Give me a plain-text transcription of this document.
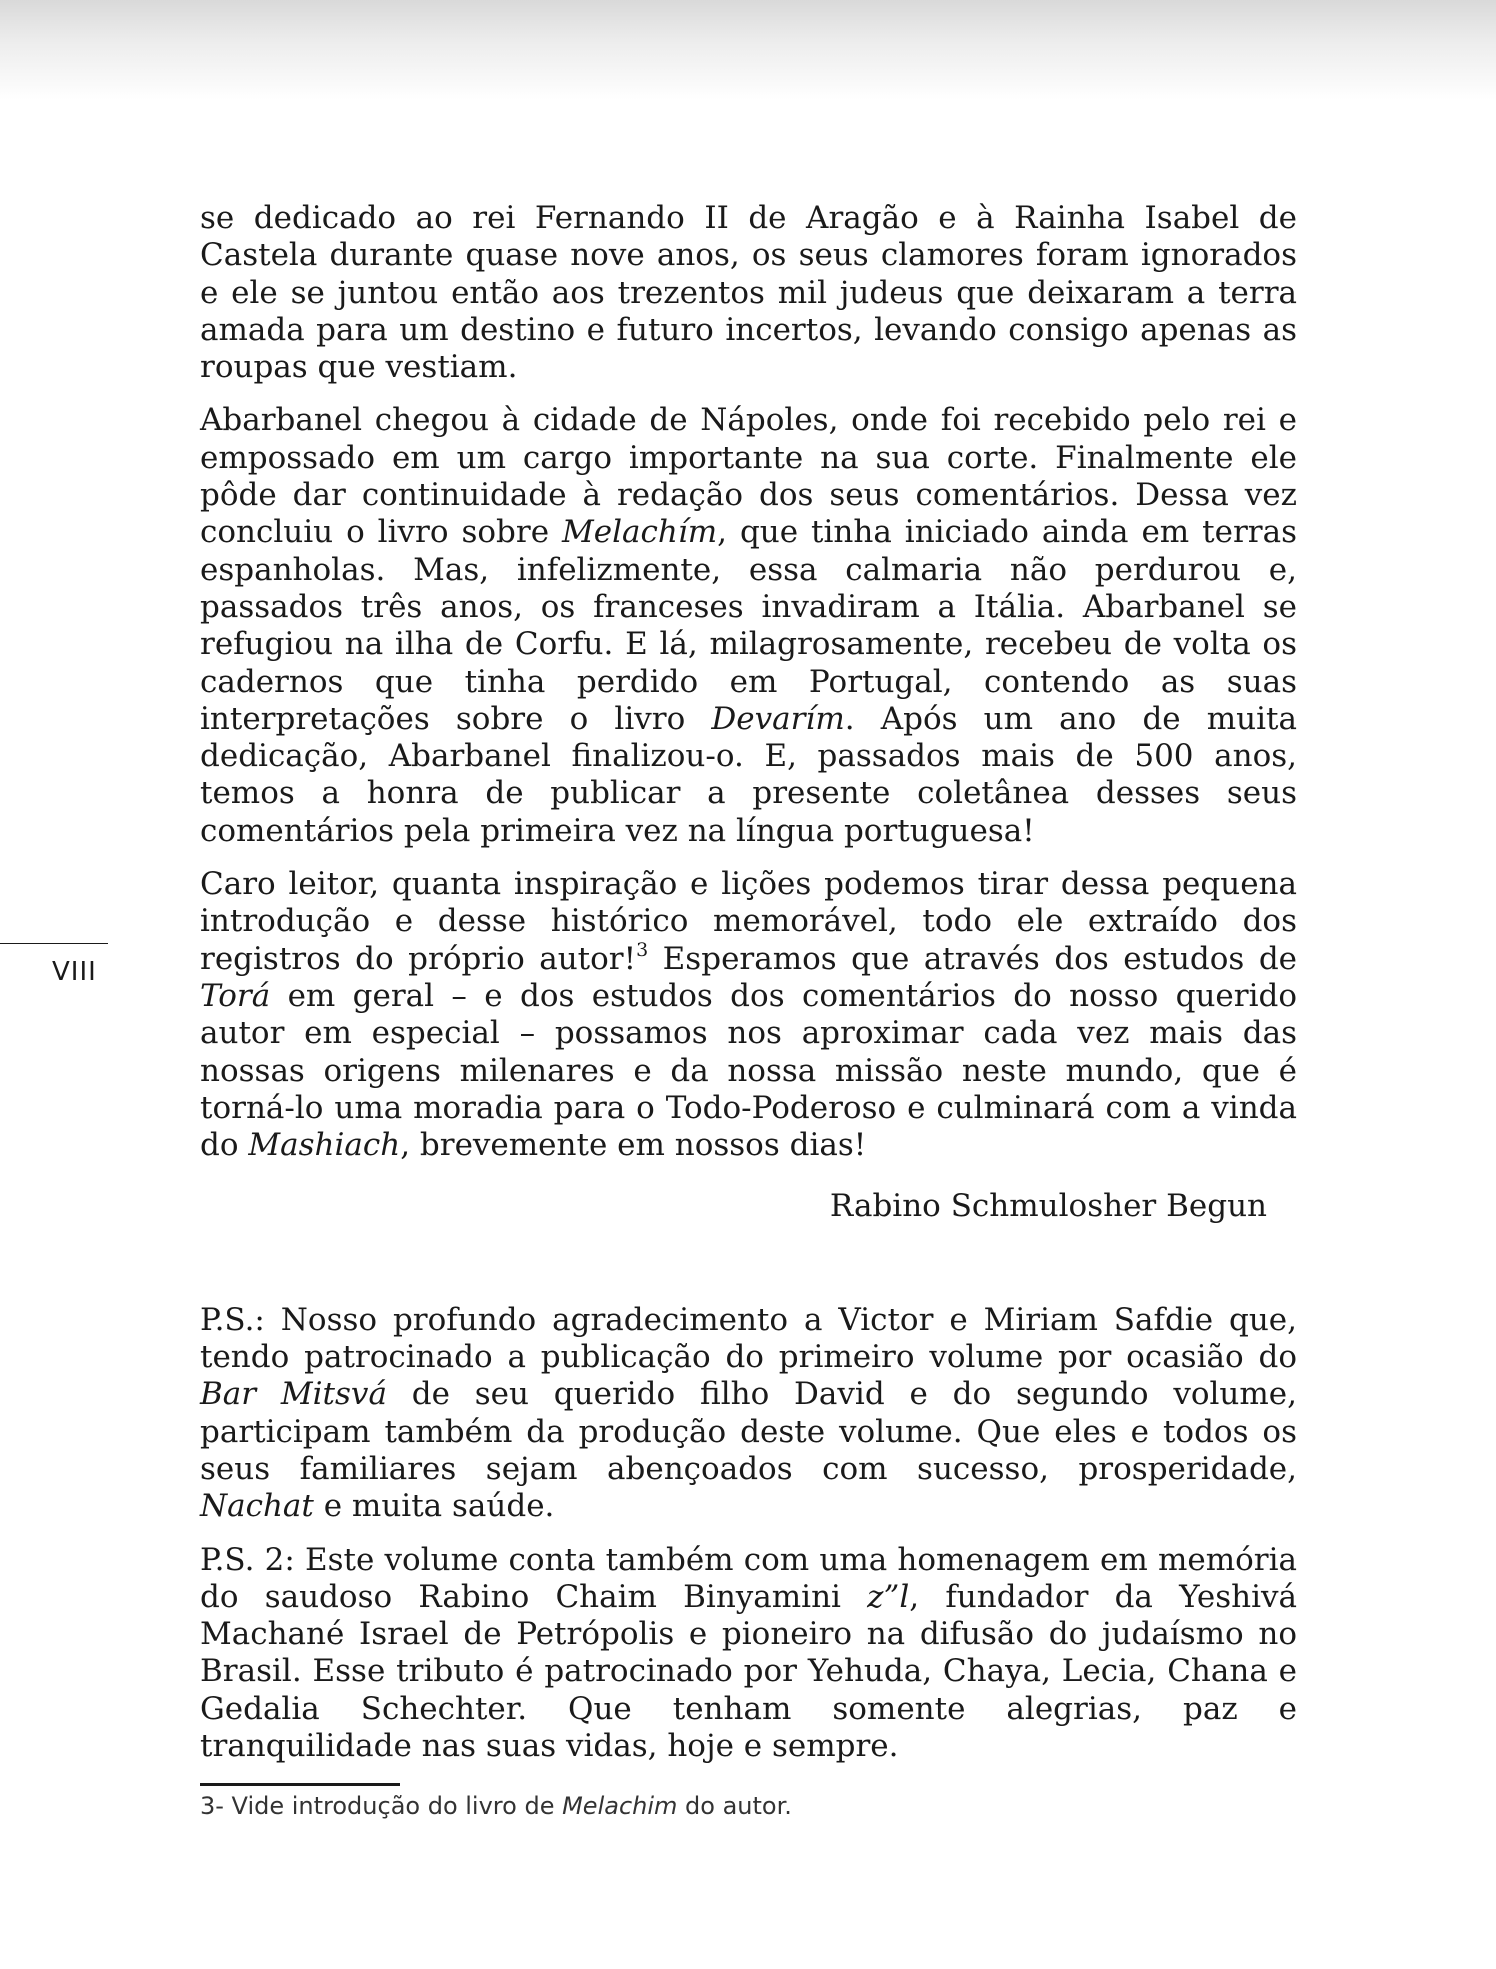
VIII

se dedicado ao rei Fernando II de Aragão e à Rainha Isabel de Castela durante quase nove anos, os seus clamores foram ignorados e ele se juntou então aos trezentos mil judeus que deixaram a terra amada para um destino e futuro incertos, levando consigo apenas as roupas que vestiam.

Abarbanel chegou à cidade de Nápoles, onde foi recebido pelo rei e empossado em um cargo importante na sua corte. Finalmente ele pôde dar continuidade à redação dos seus comentários. Dessa vez concluiu o livro sobre Melachím, que tinha iniciado ainda em terras espanholas. Mas, infelizmente, essa calmaria não perdurou e, passados três anos, os franceses invadiram a Itália. Abarbanel se refugiou na ilha de Corfu. E lá, milagrosamente, recebeu de volta os cadernos que tinha perdido em Portugal, contendo as suas interpretações sobre o livro Devarím. Após um ano de muita dedicação, Abarbanel finalizou-o. E, passados mais de 500 anos, temos a honra de publicar a presente coletânea desses seus comentários pela primeira vez na língua portuguesa!

Caro leitor, quanta inspiração e lições podemos tirar dessa pequena introdução e desse histórico memorável, todo ele extraído dos registros do próprio autor!$^3$ Esperamos que através dos estudos de Torá em geral – e dos estudos dos comentários do nosso querido autor em especial – possamos nos aproximar cada vez mais das nossas origens milenares e da nossa missão neste mundo, que é torná-lo uma moradia para o Todo-Poderoso e culminará com a vinda do Mashiach, brevemente em nossos dias!

Rabino Schmulosher Begun

P.S.: Nosso profundo agradecimento a Victor e Miriam Safdie que, tendo patrocinado a publicação do primeiro volume por ocasião do Bar Mitsvá de seu querido filho David e do segundo volume, participam também da produção deste volume. Que eles e todos os seus familiares sejam abençoados com sucesso, prosperidade, Nachat e muita saúde.

P.S. 2: Este volume conta também com uma homenagem em memória do saudoso Rabino Chaim Binyamini z”l, fundador da Yeshivá Machané Israel de Petrópolis e pioneiro na difusão do judaísmo no Brasil. Esse tributo é patrocinado por Yehuda, Chaya, Lecia, Chana e Gedalia Schechter. Que tenham somente alegrias, paz e tranquilidade nas suas vidas, hoje e sempre.

3- Vide introdução do livro de Melachim do autor.
